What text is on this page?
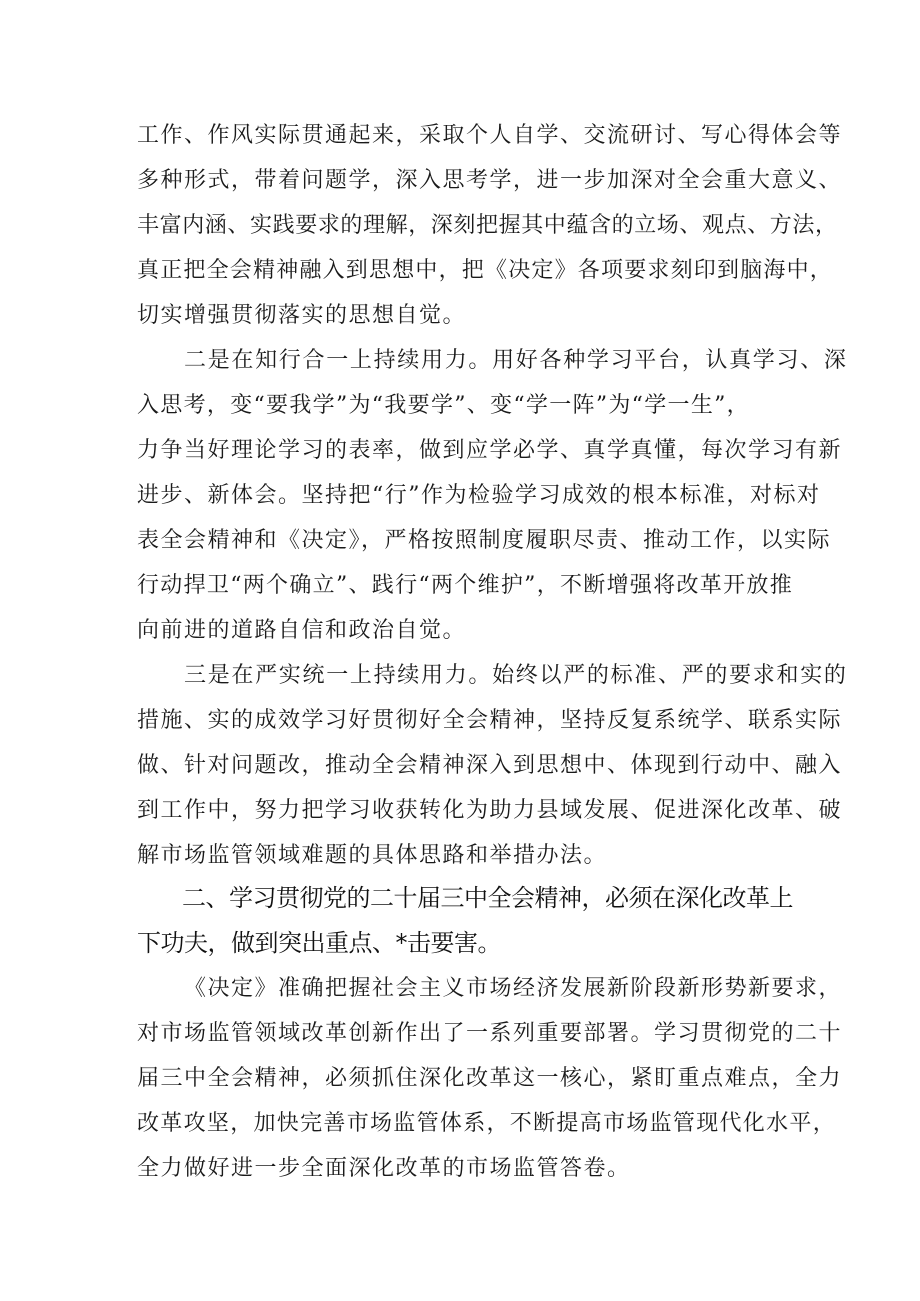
工作、作风实际贯通起来，采取个人自学、交流研讨、写心得体会等
多种形式，带着问题学，深入思考学，进一步加深对全会重大意义、
丰富内涵、实践要求的理解，深刻把握其中蕴含的立场、观点、方法，
真正把全会精神融入到思想中，把《决定》各项要求刻印到脑海中，
切实增强贯彻落实的思想自觉。
二是在知行合一上持续用力。用好各种学习平台，认真学习、深
入思考，变“要我学”为“我要学”、变“学一阵”为“学一生”，
力争当好理论学习的表率，做到应学必学、真学真懂，每次学习有新
进步、新体会。坚持把“行”作为检验学习成效的根本标准，对标对
表全会精神和《决定》，严格按照制度履职尽责、推动工作，以实际
行动捍卫“两个确立”、践行“两个维护”，不断增强将改革开放推
向前进的道路自信和政治自觉。
三是在严实统一上持续用力。始终以严的标准、严的要求和实的
措施、实的成效学习好贯彻好全会精神，坚持反复系统学、联系实际
做、针对问题改，推动全会精神深入到思想中、体现到行动中、融入
到工作中，努力把学习收获转化为助力县域发展、促进深化改革、破
解市场监管领域难题的具体思路和举措办法。
二、学习贯彻党的二十届三中全会精神，必须在深化改革上
下功夫，做到突出重点、*击要害。
《决定》准确把握社会主义市场经济发展新阶段新形势新要求，
对市场监管领域改革创新作出了一系列重要部署。学习贯彻党的二十
届三中全会精神，必须抓住深化改革这一核心，紧盯重点难点，全力
改革攻坚，加快完善市场监管体系，不断提高市场监管现代化水平，
全力做好进一步全面深化改革的市场监管答卷。
